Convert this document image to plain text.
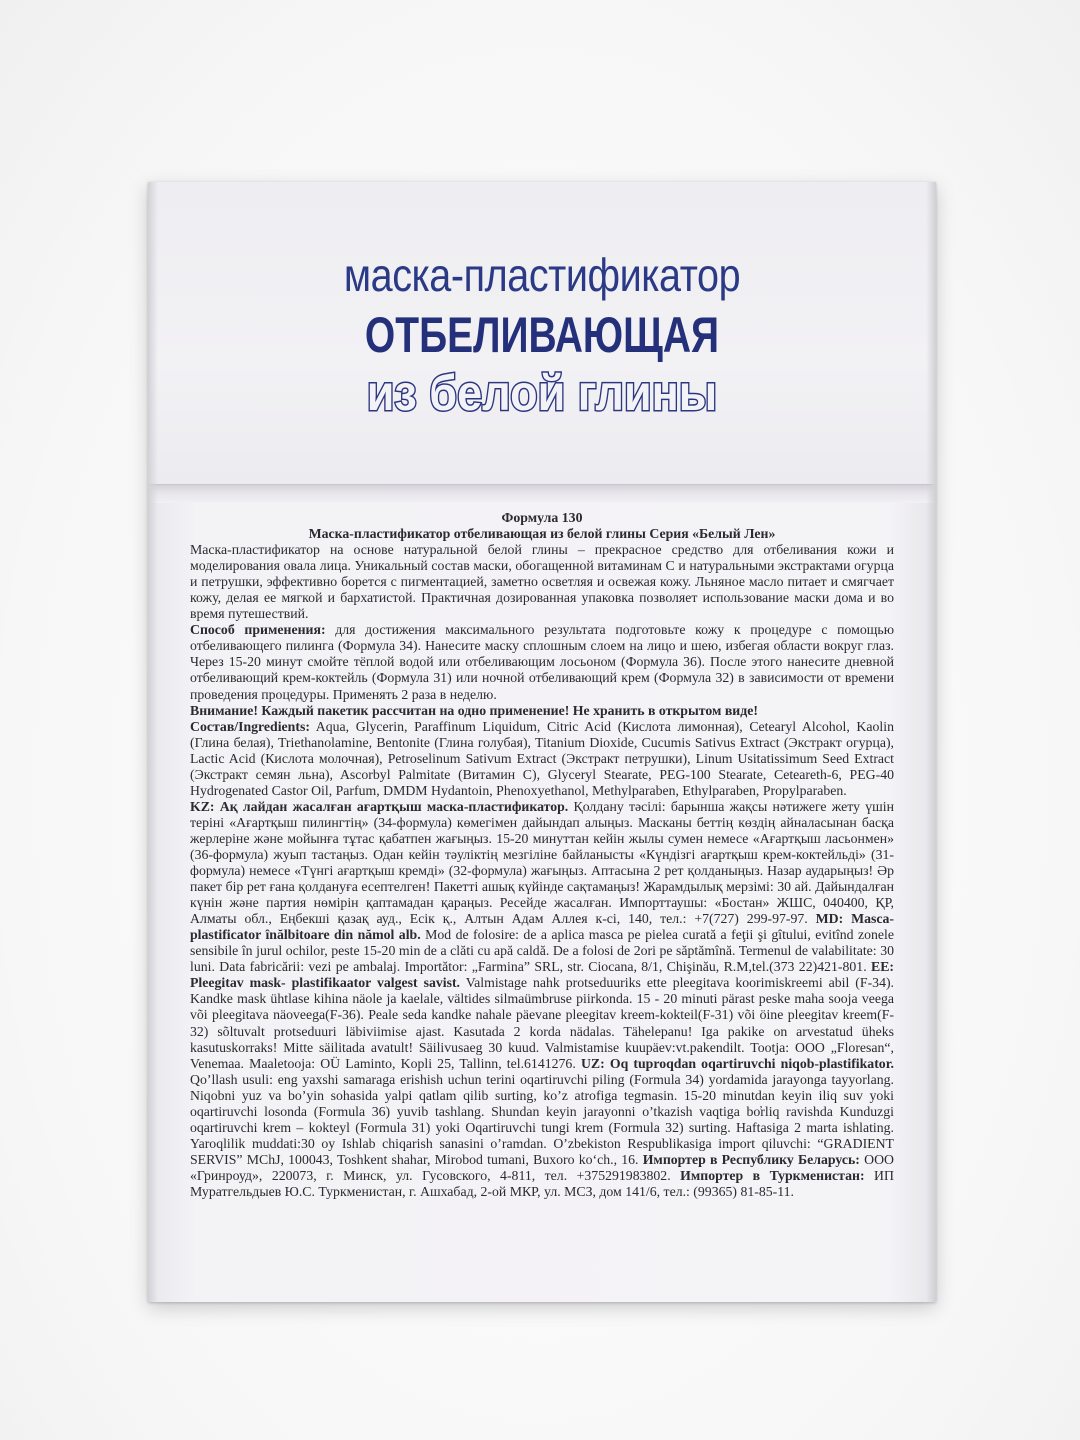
маска-пластификатор
ОТБЕЛИВАЮЩАЯ
из белой глины

Формула 130

Маска-пластификатор отбеливающая из белой глины Серия «Белый Лен»

Маска-пластификатор на основе натуральной белой глины – прекрасное средство для отбеливания кожи и моделирования овала лица. Уникальный состав маски, обогащенной витаминам С и натуральными экстрактами огурца и петрушки, эффективно борется с пигментацией, заметно осветляя и освежая кожу. Льняное масло питает и смягчает кожу, делая ее мягкой и бархатистой. Практичная дозированная упаковка позволяет использование маски дома и во время путешествий.

Способ применения: для достижения максимального результата подготовьте кожу к процедуре с помощью отбеливающего пилинга (Формула 34). Нанесите маску сплошным слоем на лицо и шею, избегая области вокруг глаз. Через 15-20 минут смойте тёплой водой или отбеливающим лосьоном (Формула 36). После этого нанесите дневной отбеливающий крем-коктейль (Формула 31) или ночной отбеливающий крем (Формула 32) в зависимости от времени проведения процедуры. Применять 2 раза в неделю.

Внимание! Каждый пакетик рассчитан на одно применение! Не хранить в открытом виде!

Состав/Ingredients: Aqua, Glycerin, Paraffinum Liquidum, Citric Acid (Кислота лимонная), Cetearyl Alcohol, Kaolin (Глина белая), Triethanolamine, Bentonite (Глина голубая), Titanium Dioxide, Cucumis Sativus Extract (Экстракт огурца), Lactic Acid (Кислота молочная), Petroselinum Sativum Extract (Экстракт петрушки), Linum Usitatissimum Seed Extract (Экстракт семян льна), Ascorbyl Palmitate (Витамин С), Glyceryl Stearate, PEG-100 Stearate, Ceteareth-6, PEG-40 Hydrogenated Castor Oil, Parfum, DMDM Hydantoin, Phenoxyethanol, Methylparaben, Ethylparaben, Propylparaben.

KZ: Ақ лайдан жасалған ағартқыш маска-пластификатор. Қолдану тәсілі: барынша жақсы нәтижеге жету үшін теріні «Ағартқыш пилингтің» (34-формула) көмегімен дайындап алыңыз. Масканы беттің көздің айналасынан басқа жерлеріне және мойынға тұтас қабатпен жағыңыз. 15-20 минуттан кейін жылы сумен немесе «Ағартқыш ласьонмен» (36-формула) жуып тастаңыз. Одан кейін тәуліктің мезгіліне байланысты «Күндізгі ағартқыш крем-коктейльді» (31-формула) немесе «Түнгі ағартқыш кремді» (32-формула) жағыңыз. Аптасына 2 рет қолданыңыз. Назар аударыңыз! Әр пакет бір рет ғана қолдануға есептелген! Пакетті ашық күйінде сақтамаңыз! Жарамдылық мерзімі: 30 ай. Дайындалған күнін және партия нөмірін қаптамадан қараңыз. Ресейде жасалған. Импорттаушы: «Бостан» ЖШС, 040400, ҚР, Алматы обл., Еңбекші қазақ ауд., Есік қ., Алтын Адам Аллея к-сі, 140, тел.: +7(727) 299-97-97. MD: Masca-plastificator înălbitoare din nămol alb. Mod de folosire: de a aplica masca pe pielea curată a feţii şi gîtului, evitînd zonele sensibile în jurul ochilor, peste 15-20 min de a clăti cu apă caldă. De a folosi de 2ori pe săptămînă. Termenul de valabilitate: 30 luni. Data fabricării: vezi pe ambalaj. Importător: „Farmina” SRL, str. Ciocana, 8/1, Chişinău, R.M,tel.(373 22)421-801. EE: Pleegitav mask- plastifikaator valgest savist. Valmistage nahk protseduuriks ette pleegitava koorimiskreemi abil (F-34). Kandke mask ühtlase kihina näole ja kaelale, vältides silmaümbruse piirkonda. 15 - 20 minuti pärast peske maha sooja veega või pleegitava näoveega(F-36). Peale seda kandke nahale päevane pleegitav kreem-kokteil(F-31) või öine pleegitav kreem(F-32) sõltuvalt protseduuri läbiviimise ajast. Kasutada 2 korda nädalas. Tähelepanu! Iga pakike on arvestatud üheks kasutuskorraks! Mitte säilitada avatult! Säilivusaeg 30 kuud. Valmistamise kuupäev:vt.pakendilt. Tootja: OOO „Floresan“, Venemaa. Maaletooja: OÜ Laminto, Kopli 25, Tallinn, tel.6141276. UZ: Oq tuproqdan oqartiruvchi niqob-plastifikator. Qo’llash usuli: eng yaxshi samaraga erishish uchun terini oqartiruvchi piling (Formula 34) yordamida jarayonga tayyorlang. Niqobni yuz va bo’yin sohasida yalpi qatlam qilib surting, ko’z atrofiga tegmasin. 15-20 minutdan keyin iliq suv yoki oqartiruvchi losonda (Formula 36) yuvib tashlang. Shundan keyin jarayonni o’tkazish vaqtiga bo̕rliq ravishda Kunduzgi oqartiruvchi krem – kokteyl (Formula 31) yoki Oqartiruvchi tungi krem (Formula 32) surting. Haftasiga 2 marta ishlating. Yaroqlilik muddati:30 oy Ishlab chiqarish sanasini o’ramdan. O’zbekiston Respublikasiga import qiluvchi: “GRADIENT SERVIS” MChJ, 100043, Toshkent shahar, Mirobod tumani, Buxoro ko‘ch., 16. Импортер в Республику Беларусь: ООО «Гринроуд», 220073, г. Минск, ул. Гусовского, 4-811, тел. +375291983802. Импортер в Туркменистан: ИП Муратгельдыев Ю.С. Туркменистан, г. Ашхабад, 2-ой МКР, ул. МСЗ, дом 141/6, тел.: (99365) 81-85-11.
